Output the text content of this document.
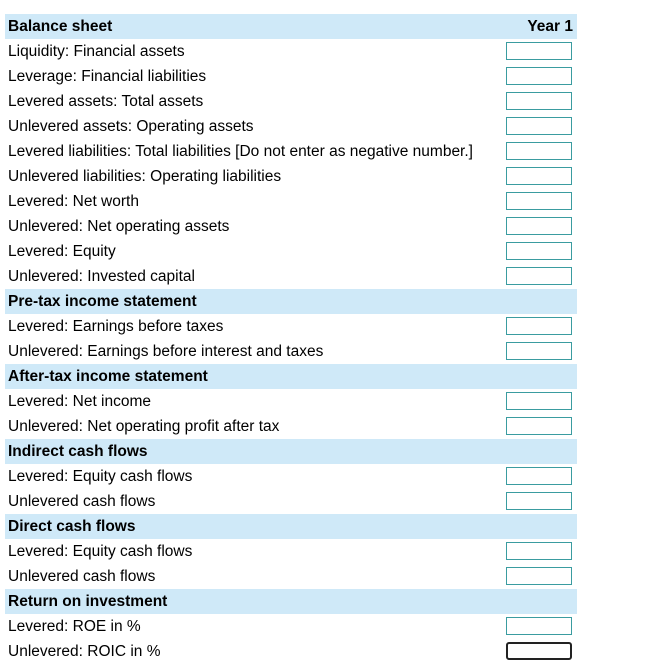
Balance sheet	Year 1
Liquidity: Financial assets
Leverage: Financial liabilities
Levered assets: Total assets
Unlevered assets: Operating assets
Levered liabilities: Total liabilities [Do not enter as negative number.]
Unlevered liabilities: Operating liabilities
Levered: Net worth
Unlevered: Net operating assets
Levered: Equity
Unlevered: Invested capital
Pre-tax income statement
Levered: Earnings before taxes
Unlevered: Earnings before interest and taxes
After-tax income statement
Levered: Net income
Unlevered: Net operating profit after tax
Indirect cash flows
Levered: Equity cash flows
Unlevered cash flows
Direct cash flows
Levered: Equity cash flows
Unlevered cash flows
Return on investment
Levered: ROE in %
Unlevered: ROIC in %
